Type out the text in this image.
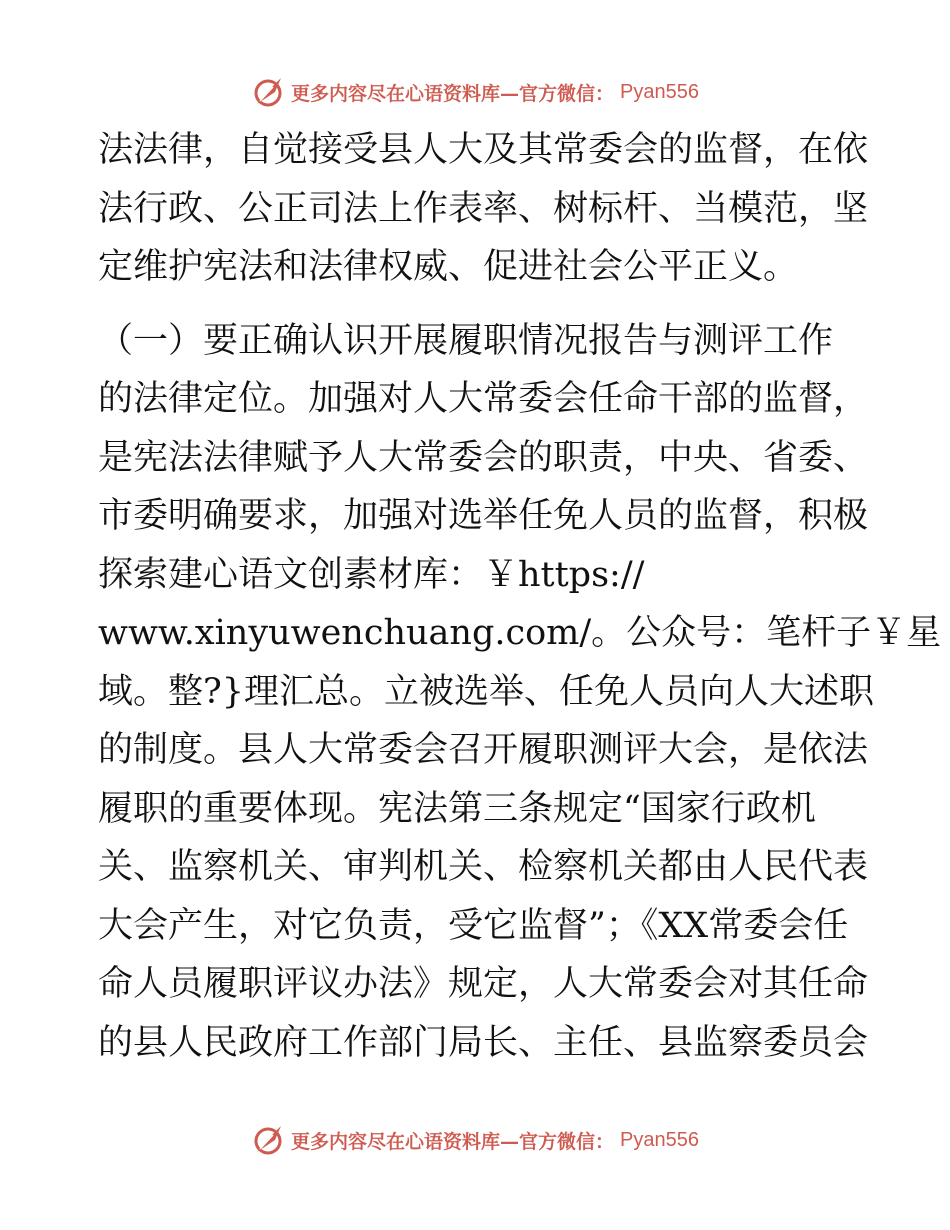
更多内容尽在心语资料库—官方微信： Pyan556
法法律，自觉接受县人大及其常委会的监督，在依
法行政、公正司法上作表率、树标杆、当模范，坚
定维护宪法和法律权威、促进社会公平正义。
（一）要正确认识开展履职情况报告与测评工作
的法律定位。加强对人大常委会任命干部的监督，
是宪法法律赋予人大常委会的职责，中央、省委、
市委明确要求，加强对选举任免人员的监督，积极
探索建心语文创素材库：￥https://
www.xinyuwenchuang.com/。公众号：笔杆子￥星
域。整?}理汇总。立被选举、任免人员向人大述职
的制度。县人大常委会召开履职测评大会，是依法
履职的重要体现。宪法第三条规定“国家行政机
关、监察机关、审判机关、检察机关都由人民代表
大会产生，对它负责，受它监督”；《XX常委会任
命人员履职评议办法》规定，人大常委会对其任命
的县人民政府工作部门局长、主任、县监察委员会
更多内容尽在心语资料库—官方微信： Pyan556
